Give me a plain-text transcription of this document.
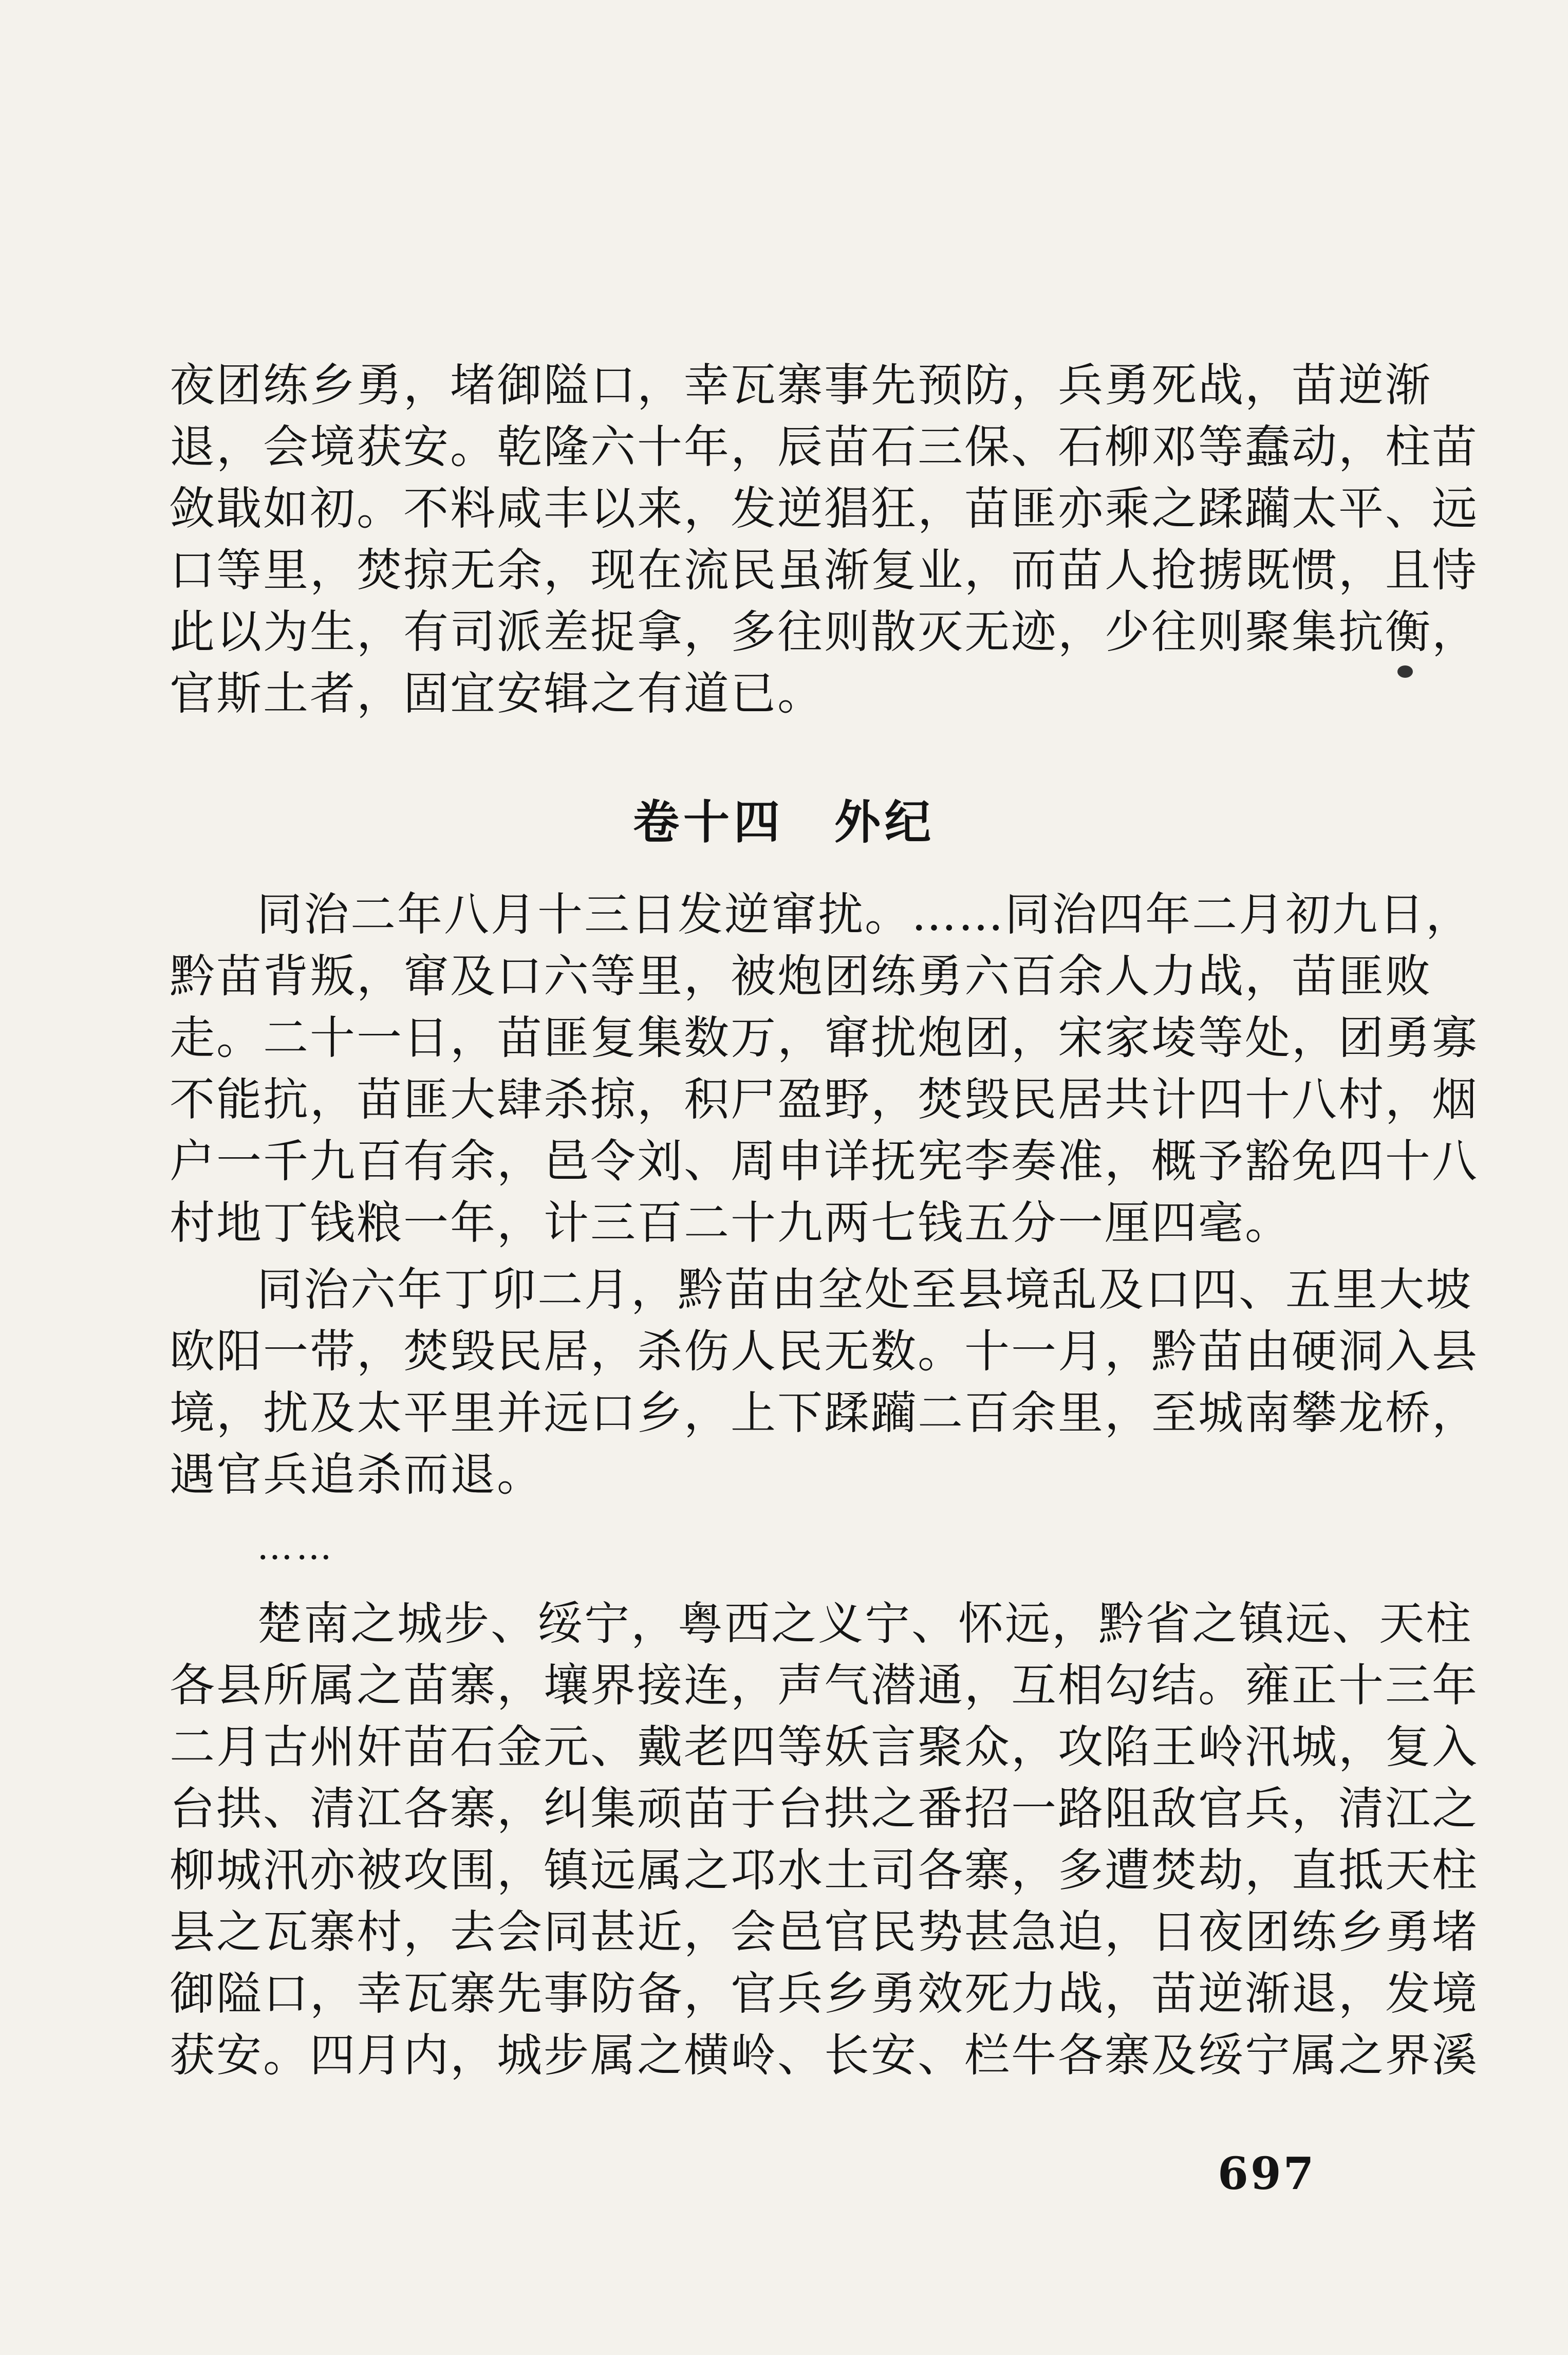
夜团练乡勇，堵御隘口，幸瓦寨事先预防，兵勇死战，苗逆渐
退，会境获安。乾隆六十年，辰苗石三保、石柳邓等蠢动，柱苗
敛戢如初。不料咸丰以来，发逆猖狂，苗匪亦乘之蹂躏太平、远
口等里，焚掠无余，现在流民虽渐复业，而苗人抢掳既惯，且恃
此以为生，有司派差捉拿，多往则散灭无迹，少往则聚集抗衡，
官斯土者，固宜安辑之有道已。
卷十四　外纪
同治二年八月十三日发逆窜扰。……同治四年二月初九日，
黔苗背叛，窜及口六等里，被炮团练勇六百余人力战，苗匪败
走。二十一日，苗匪复集数万，窜扰炮团，宋家堎等处，团勇寡
不能抗，苗匪大肆杀掠，积尸盈野，焚毁民居共计四十八村，烟
户一千九百有余，邑令刘、周申详抚宪李奏准，概予豁免四十八
村地丁钱粮一年，计三百二十九两七钱五分一厘四毫。
同治六年丁卯二月，黔苗由坌处至县境乱及口四、五里大坡
欧阳一带，焚毁民居，杀伤人民无数。十一月，黔苗由硬洞入县
境，扰及太平里并远口乡，上下蹂躏二百余里，至城南攀龙桥，
遇官兵追杀而退。
……
楚南之城步、绥宁，粤西之义宁、怀远，黔省之镇远、天柱
各县所属之苗寨，壤界接连，声气潜通，互相勾结。雍正十三年
二月古州奸苗石金元、戴老四等妖言聚众，攻陷王岭汛城，复入
台拱、清江各寨，纠集顽苗于台拱之番招一路阻敌官兵，清江之
柳城汛亦被攻围，镇远属之邛水土司各寨，多遭焚劫，直抵天柱
县之瓦寨村，去会同甚近，会邑官民势甚急迫，日夜团练乡勇堵
御隘口，幸瓦寨先事防备，官兵乡勇效死力战，苗逆渐退，发境
获安。四月内，城步属之横岭、长安、栏牛各寨及绥宁属之界溪
697
